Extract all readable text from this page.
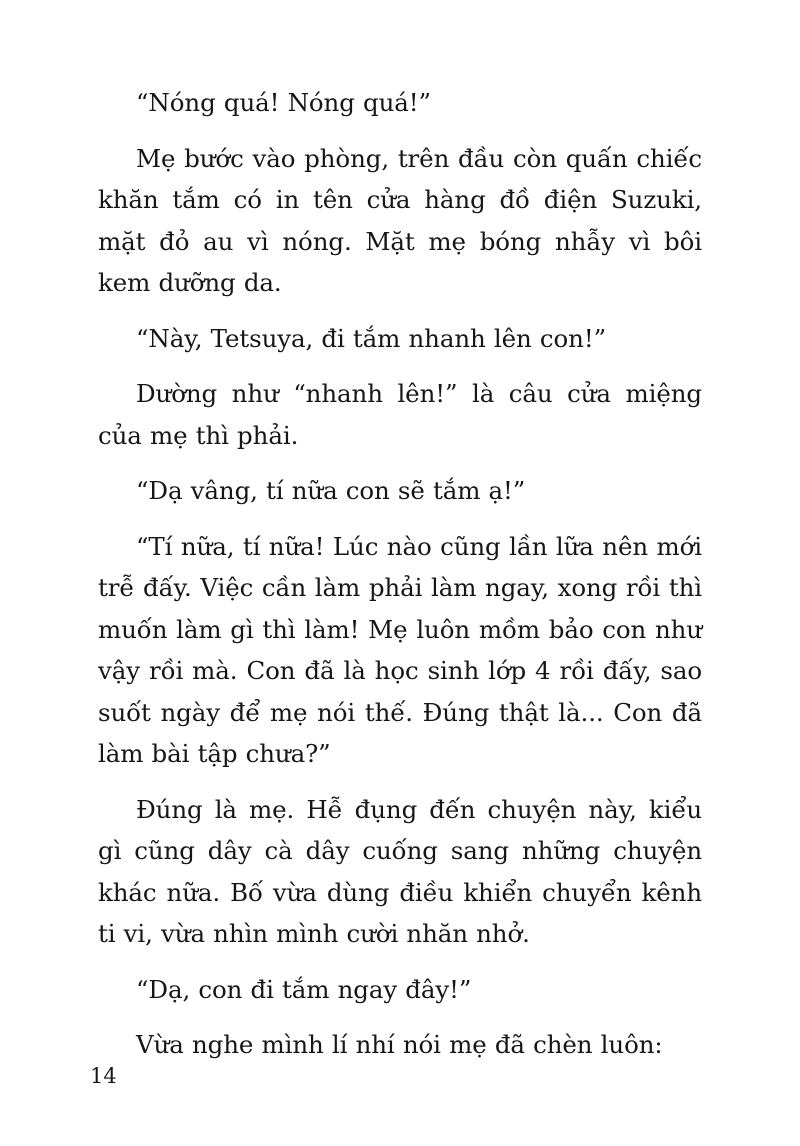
“Nóng quá! Nóng quá!”

Mẹ bước vào phòng, trên đầu còn quấn chiếc khăn tắm có in tên cửa hàng đồ điện Suzuki, mặt đỏ au vì nóng. Mặt mẹ bóng nhẫy vì bôi kem dưỡng da.

“Này, Tetsuya, đi tắm nhanh lên con!”

Dường như “nhanh lên!” là câu cửa miệng của mẹ thì phải.

“Dạ vâng, tí nữa con sẽ tắm ạ!”

“Tí nữa, tí nữa! Lúc nào cũng lần lữa nên mới trễ đấy. Việc cần làm phải làm ngay, xong rồi thì muốn làm gì thì làm! Mẹ luôn mồm bảo con như vậy rồi mà. Con đã là học sinh lớp 4 rồi đấy, sao suốt ngày để mẹ nói thế. Đúng thật là... Con đã làm bài tập chưa?”

Đúng là mẹ. Hễ đụng đến chuyện này, kiểu gì cũng dây cà dây cuống sang những chuyện khác nữa. Bố vừa dùng điều khiển chuyển kênh ti vi, vừa nhìn mình cười nhăn nhở.

“Dạ, con đi tắm ngay đây!”

Vừa nghe mình lí nhí nói mẹ đã chèn luôn:

14
